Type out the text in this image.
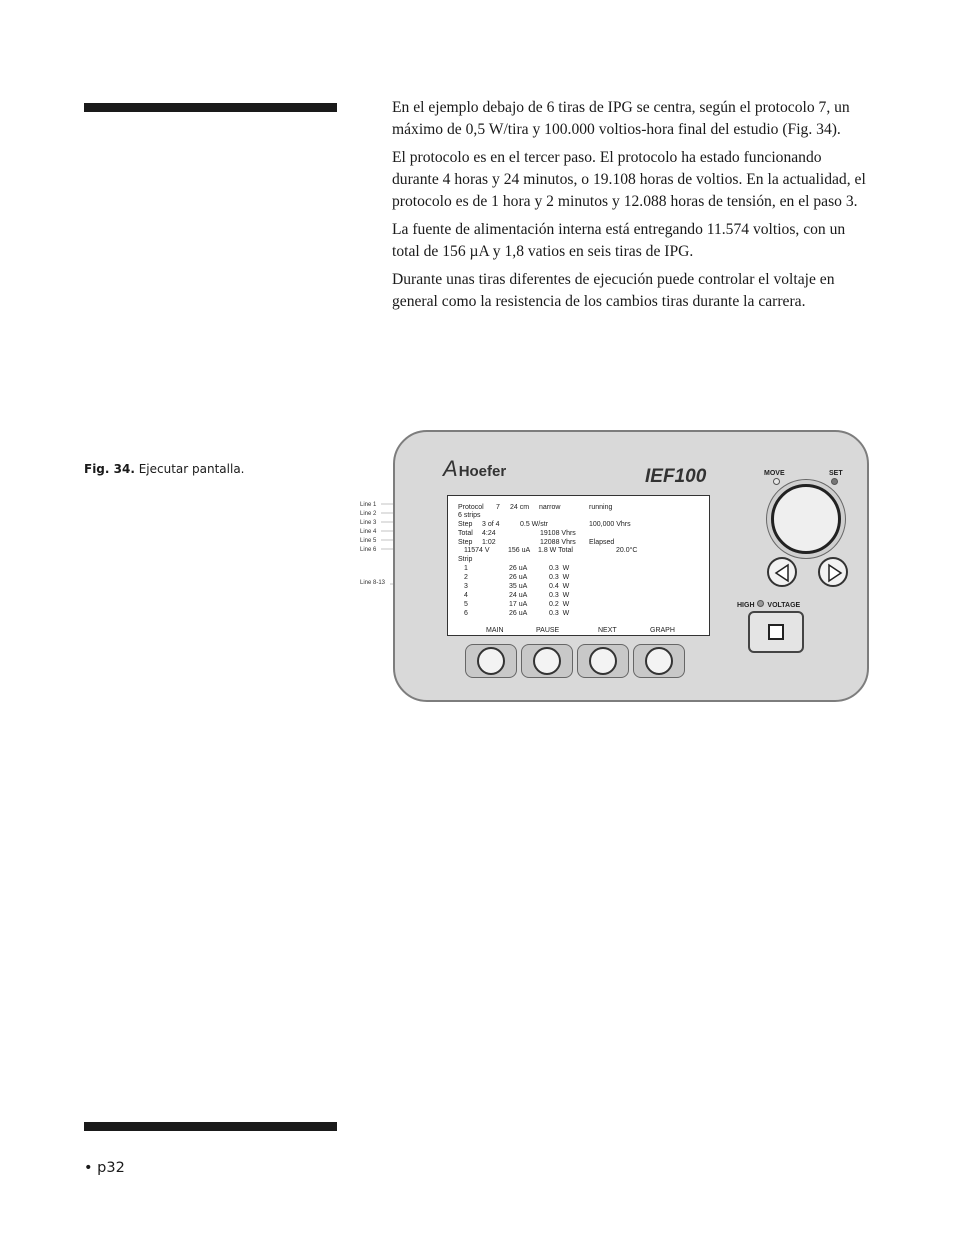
En el ejemplo debajo de 6 tiras de IPG se centra, según el protocolo 7, un máximo de 0,5 W/tira y 100.000 voltios-hora final del estudio (Fig. 34).

El protocolo es en el tercer paso. El protocolo ha estado funcionando durante 4 horas y 24 minutos, o 19.108 horas de voltios. En la actualidad, el protocolo es de 1 hora y 2 minutos y 12.088 horas de tensión, en el paso 3.

La fuente de alimentación interna está entregando 11.574 voltios, con un total de 156 µA y 1,8 vatios en seis tiras de IPG.

Durante unas tiras diferentes de ejecución puede controlar el voltaje en general como la resistencia de los cambios tiras durante la carrera.

Fig. 34. Ejecutar pantalla.
Line 1
Line 2
Line 3
Line 4
Line 5
Line 6
Line 8-13
AHoefer	IEF100
Protocol 7 24 cm narrow	running
6 strips
Step 3 of 4	0.5 W/str	100,000 Vhrs
Total 4:24	19108 Vhrs
Step 1:02	12088 Vhrs Elapsed
11574 V	156 uA 1.8 W Total	20.0°C
Strip
1	26 uA	0.3  W
2	26 uA	0.3  W
3	35 uA	0.4  W
4	24 uA	0.3  W
5	17 uA	0.2  W
6	26 uA	0.3  W
MAIN	PAUSE	NEXT	GRAPH
MOVE	SET
HIGH VOLTAGE
• p32
